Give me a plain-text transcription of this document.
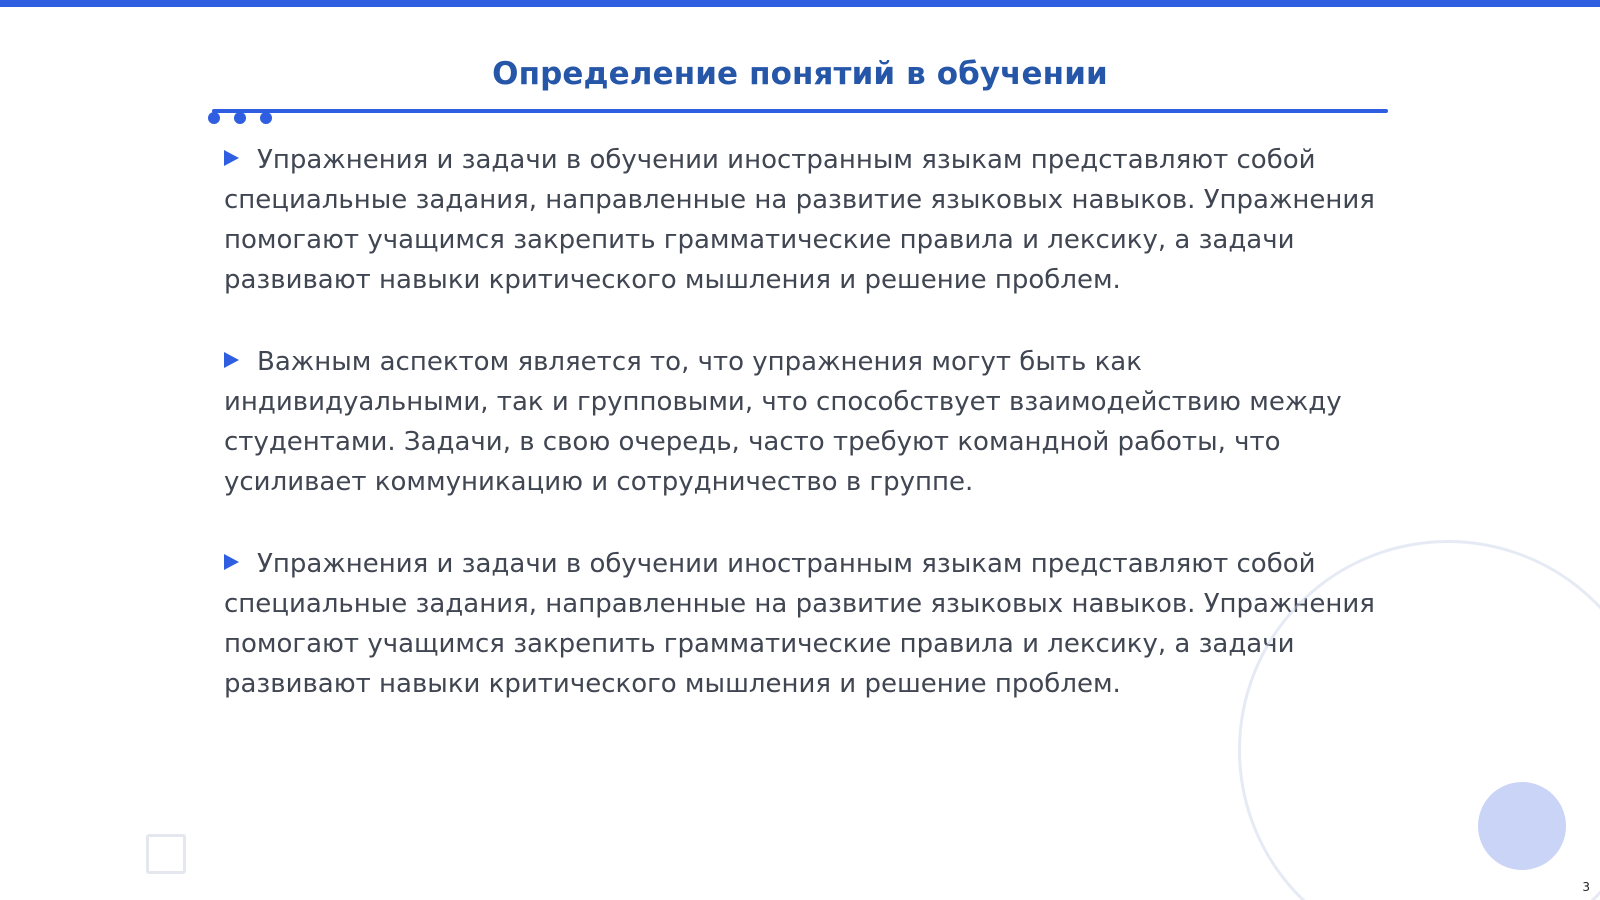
Определение понятий в обучении

Упражнения и задачи в обучении иностранным языкам представляют собой специальные задания, направленные на развитие языковых навыков. Упражнения помогают учащимся закрепить грамматические правила и лексику, а задачи развивают навыки критического мышления и решение проблем.

Важным аспектом является то, что упражнения могут быть как индивидуальными, так и групповыми, что способствует взаимодействию между студентами. Задачи, в свою очередь, часто требуют командной работы, что усиливает коммуникацию и сотрудничество в группе.

Упражнения и задачи в обучении иностранным языкам представляют собой специальные задания, направленные на развитие языковых навыков. Упражнения помогают учащимся закрепить грамматические правила и лексику, а задачи развивают навыки критического мышления и решение проблем.

3
